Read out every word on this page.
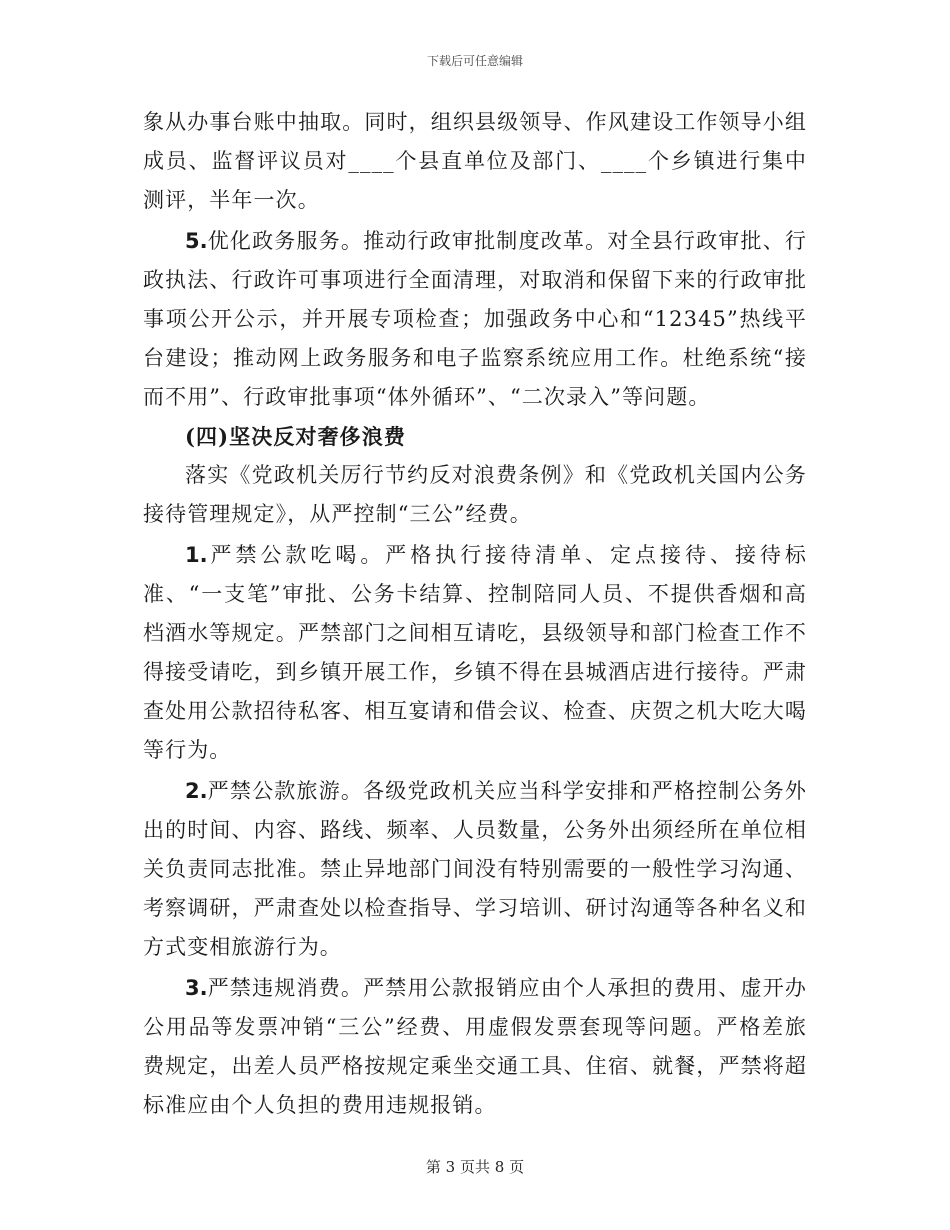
下载后可任意编辑

象从办事台账中抽取。同时，组织县级领导、作风建设工作领导小组成员、监督评议员对____个县直单位及部门、____个乡镇进行集中测评，半年一次。

5.优化政务服务。推动行政审批制度改革。对全县行政审批、行政执法、行政许可事项进行全面清理，对取消和保留下来的行政审批事项公开公示，并开展专项检查；加强政务中心和“12345”热线平台建设；推动网上政务服务和电子监察系统应用工作。杜绝系统“接而不用”、行政审批事项“体外循环”、“二次录入”等问题。

(四)坚决反对奢侈浪费

落实《党政机关厉行节约反对浪费条例》和《党政机关国内公务接待管理规定》，从严控制“三公”经费。

1.严禁公款吃喝。严格执行接待清单、定点接待、接待标准、“一支笔”审批、公务卡结算、控制陪同人员、不提供香烟和高档酒水等规定。严禁部门之间相互请吃，县级领导和部门检查工作不得接受请吃，到乡镇开展工作，乡镇不得在县城酒店进行接待。严肃查处用公款招待私客、相互宴请和借会议、检查、庆贺之机大吃大喝等行为。

2.严禁公款旅游。各级党政机关应当科学安排和严格控制公务外出的时间、内容、路线、频率、人员数量，公务外出须经所在单位相关负责同志批准。禁止异地部门间没有特别需要的一般性学习沟通、考察调研，严肃查处以检查指导、学习培训、研讨沟通等各种名义和方式变相旅游行为。

3.严禁违规消费。严禁用公款报销应由个人承担的费用、虚开办公用品等发票冲销“三公”经费、用虚假发票套现等问题。严格差旅费规定，出差人员严格按规定乘坐交通工具、住宿、就餐，严禁将超标准应由个人负担的费用违规报销。

第 3 页共 8 页
